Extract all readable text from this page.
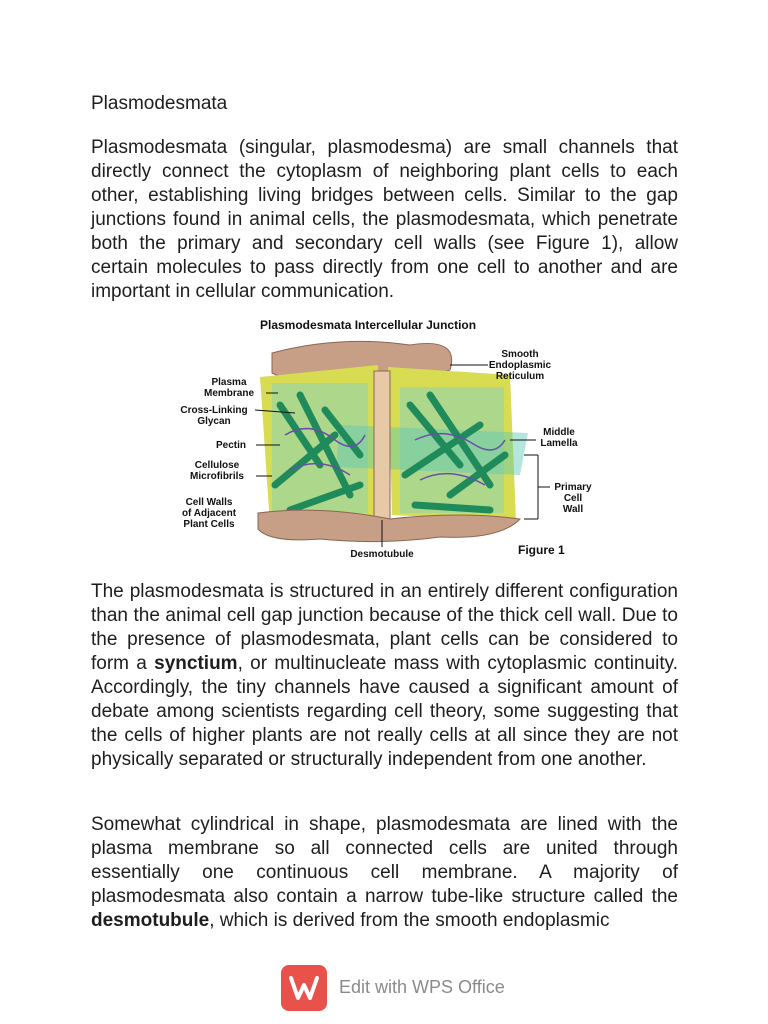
Plasmodesmata

Plasmodesmata (singular, plasmodesma) are small channels that directly connect the cytoplasm of neighboring plant cells to each other, establishing living bridges between cells. Similar to the gap junctions found in animal cells, the plasmodesmata, which penetrate both the primary and secondary cell walls (see Figure 1), allow certain molecules to pass directly from one cell to another and are important in cellular communication.

Plasmodesmata Intercellular Junction
Plasma
Membrane
Cross-Linking
Glycan
Pectin
Cellulose
Microfibrils
Cell Walls
of Adjacent
Plant Cells
Desmotubule
Smooth
Endoplasmic
Reticulum
Middle
Lamella
Primary
Cell
Wall
Figure 1

The plasmodesmata is structured in an entirely different configuration than the animal cell gap junction because of the thick cell wall. Due to the presence of plasmodesmata, plant cells can be considered to form a synctium, or multinucleate mass with cytoplasmic continuity. Accordingly, the tiny channels have caused a significant amount of debate among scientists regarding cell theory, some suggesting that the cells of higher plants are not really cells at all since they are not physically separated or structurally independent from one another.

Somewhat cylindrical in shape, plasmodesmata are lined with the plasma membrane so all connected cells are united through essentially one continuous cell membrane. A majority of plasmodesmata also contain a narrow tube-like structure called the desmotubule, which is derived from the smooth endoplasmic

Edit with WPS Office
